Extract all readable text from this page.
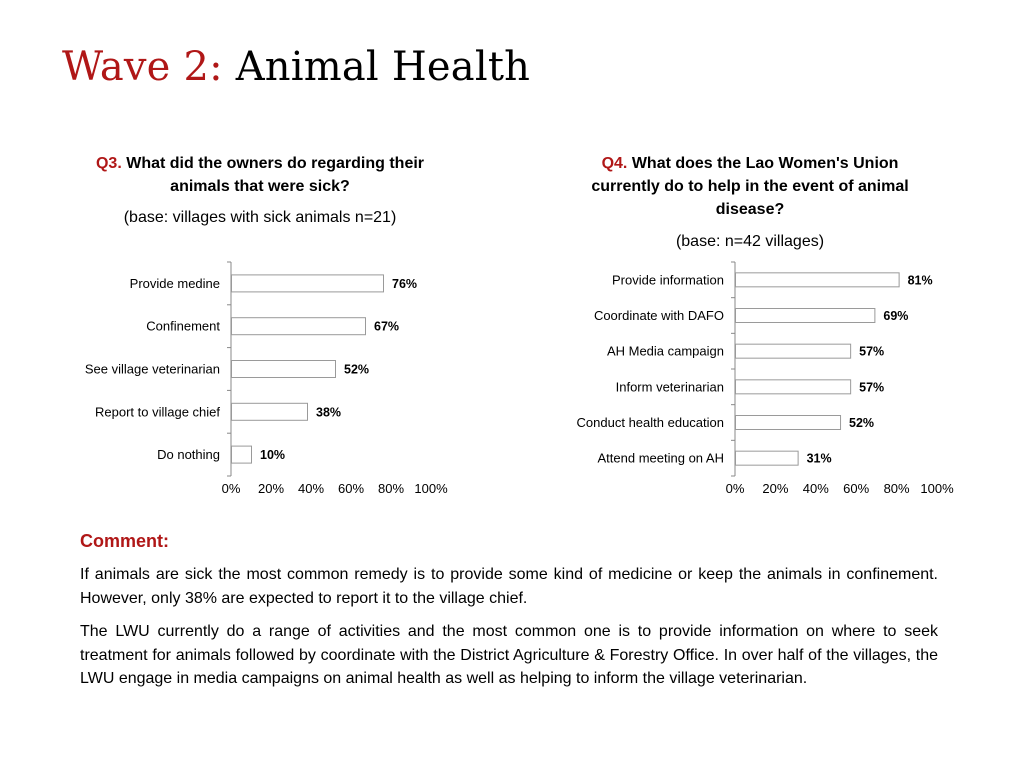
Wave 2: Animal Health
Q3. What did the owners do regarding their
animals that were sick?
(base: villages with sick animals n=21)
Q4. What does the Lao Women's Union
currently do to help in the event of animal
disease?
(base: n=42 villages)
Provide medine	76%
Confinement	67%
See village veterinarian	52%
Report to village chief	38%
Do nothing	10%
0% 20% 40% 60% 80% 100%
Provide information	81%
Coordinate with DAFO	69%
AH Media campaign	57%
Inform veterinarian	57%
Conduct health education	52%
Attend meeting on AH	31%
0% 20% 40% 60% 80% 100%
Comment:

If animals are sick the most common remedy is to provide some kind of medicine or keep the animals in confinement. However, only 38% are expected to report it to the village chief.

The LWU currently do a range of activities and the most common one is to provide information on where to seek treatment for animals followed by coordinate with the District Agriculture & Forestry Office. In over half of the villages, the LWU engage in media campaigns on animal health as well as helping to inform the village veterinarian.
